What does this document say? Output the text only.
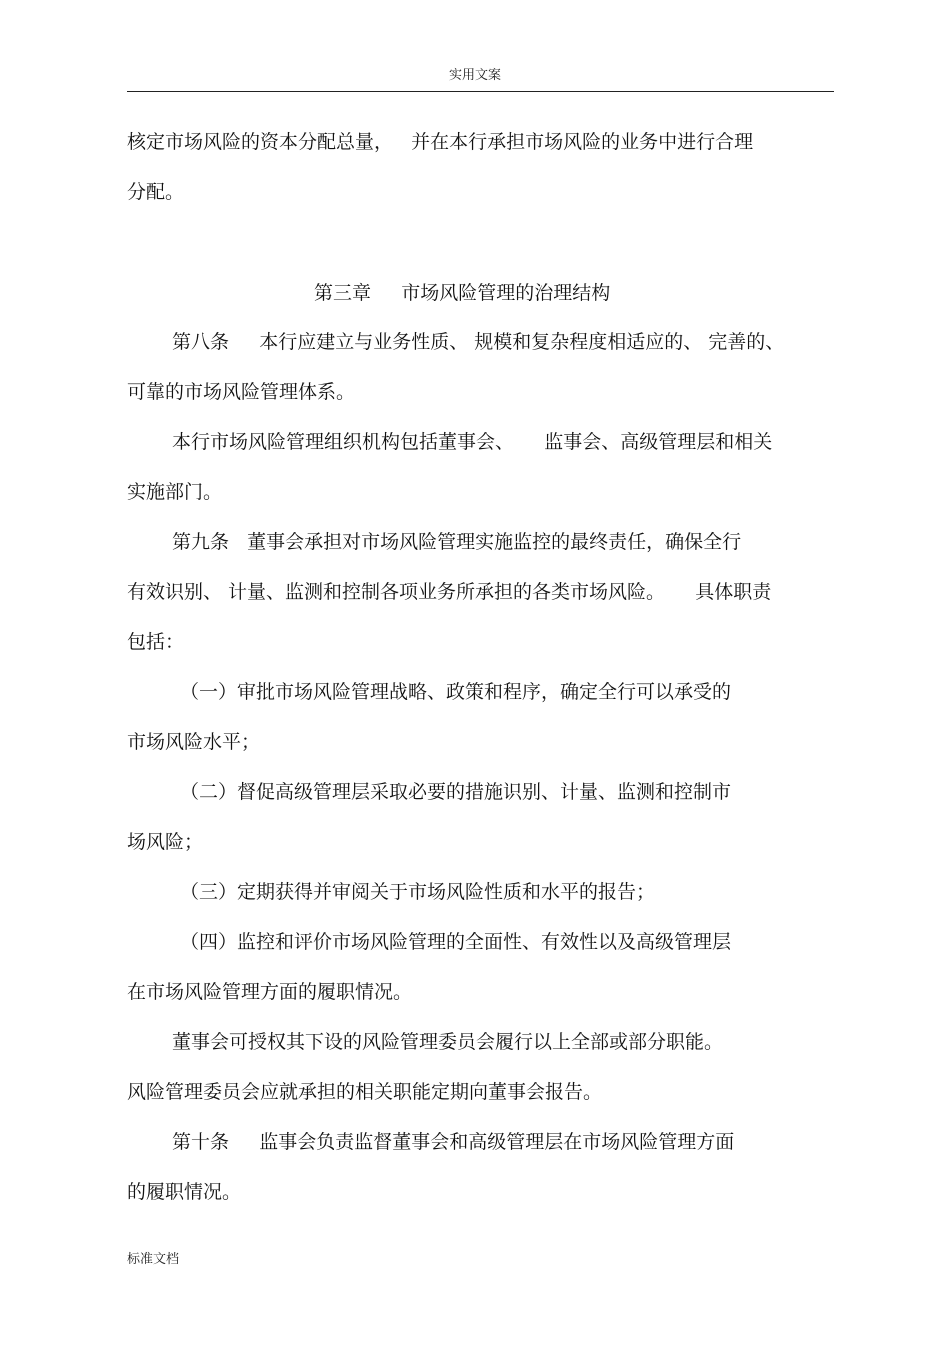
实用文案
核定市场风险的资本分配总量，   并在本行承担市场风险的业务中进行合理
分配。
第三章     市场风险管理的治理结构
第八条     本行应建立与业务性质、 规模和复杂程度相适应的、 完善的、
可靠的市场风险管理体系。
本行市场风险管理组织机构包括董事会、     监事会、高级管理层和相关
实施部门。
第九条   董事会承担对市场风险管理实施监控的最终责任，确保全行
有效识别、 计量、监测和控制各项业务所承担的各类市场风险。     具体职责
包括：
（一）审批市场风险管理战略、政策和程序，确定全行可以承受的
市场风险水平；
（二）督促高级管理层采取必要的措施识别、计量、监测和控制市
场风险；
（三）定期获得并审阅关于市场风险性质和水平的报告；
（四）监控和评价市场风险管理的全面性、有效性以及高级管理层
在市场风险管理方面的履职情况。
董事会可授权其下设的风险管理委员会履行以上全部或部分职能。
风险管理委员会应就承担的相关职能定期向董事会报告。
第十条     监事会负责监督董事会和高级管理层在市场风险管理方面
的履职情况。
标准文档
